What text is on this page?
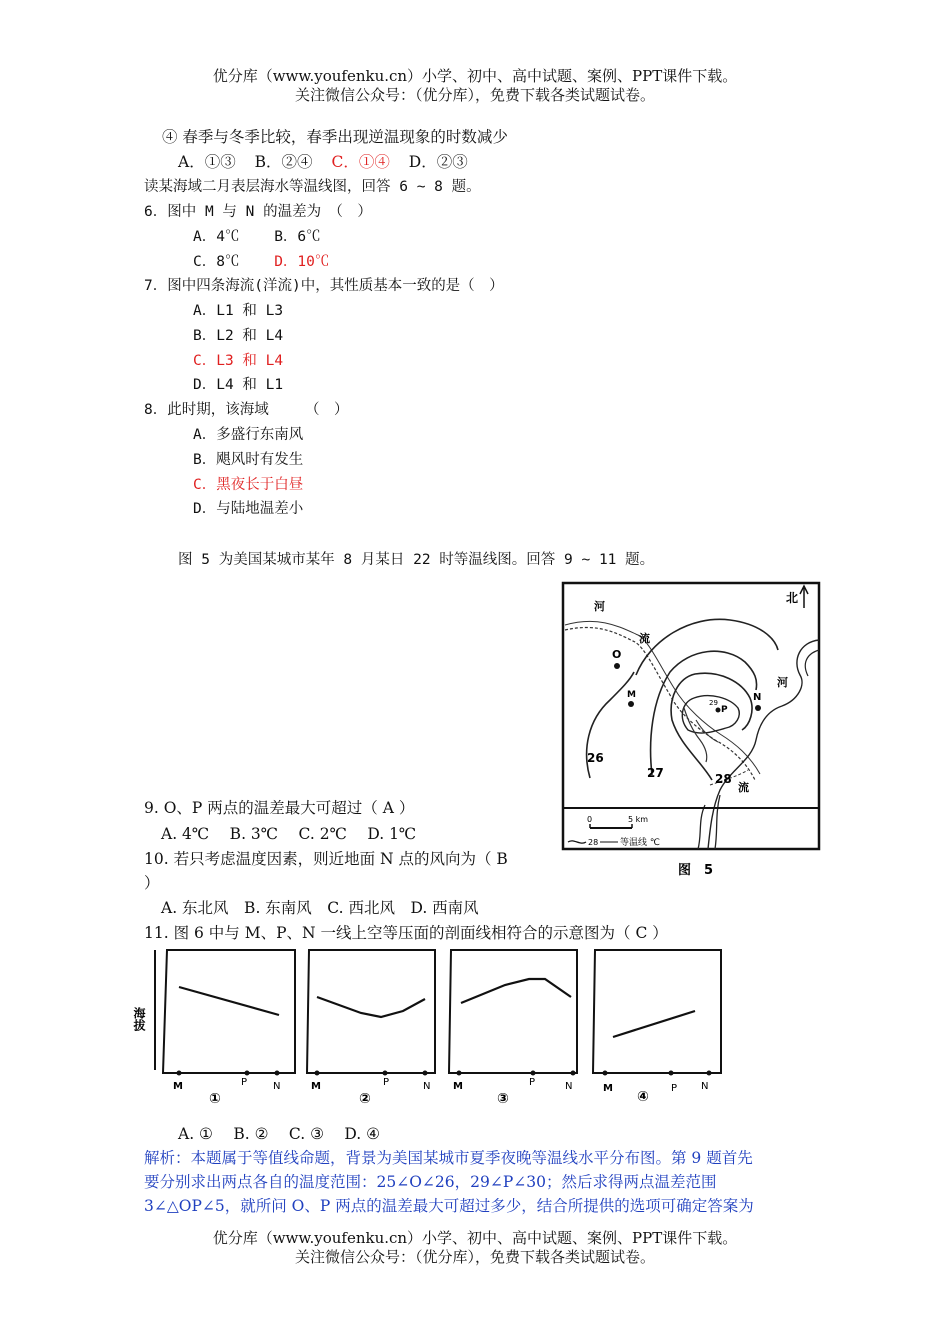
优分库（www.youfenku.cn）小学、初中、高中试题、案例、PPT课件下载。
关注微信公众号：（优分库），免费下载各类试题试卷。
④ 春季与冬季比较，春季出现逆温现象的时数减少
A．①③ B．②④ C．①④ D．②③
读某海域二月表层海水等温线图，回答 6 ~ 8 题。
6．图中 M 与 N 的温差为　（　）
A．4℃ B．6℃
C．8℃ D．10℃
7．图中四条海流(洋流)中，其性质基本一致的是（　）
A．L1 和 L3
B．L2 和 L4
C．L3 和 L4
D．L4 和 L1
8．此时期，该海域　　　（　）
A．多盛行东南风
B．飓风时有发生
C．黑夜长于白昼
D．与陆地温差小
图 5 为美国某城市某年 8 月某日 22 时等温线图。回答 9 ~ 11 题。
北
河
流
河
流
O
M	N
P
29
26
27	28
0	5 km
28 等温线 ℃
图　5
9. O、P 两点的温差最大可超过（ A ）
A. 4℃　 B. 3℃　 C. 2℃　 D. 1℃
10. 若只考虑温度因素，则近地面 N 点的风向为（ B
）
A. 东北风　B. 东南风　C. 西北风　D. 西南风
11. 图 6 中与 M、P、N 一线上空等压面的剖面线相符合的示意图为（ C ）
海拔
M	P	N
①
M	P	N
②
M	P	N
③
M	P N
④
A. ①　 B. ②　 C. ③　 D. ④
解析：本题属于等值线命题，背景为美国某城市夏季夜晚等温线水平分布图。第 9 题首先
要分别求出两点各自的温度范围：25∠O∠26，29∠P∠30；然后求得两点温差范围
3∠△OP∠5，就所问 O、P 两点的温差最大可超过多少，结合所提供的选项可确定答案为
优分库（www.youfenku.cn）小学、初中、高中试题、案例、PPT课件下载。
关注微信公众号：（优分库），免费下载各类试题试卷。
